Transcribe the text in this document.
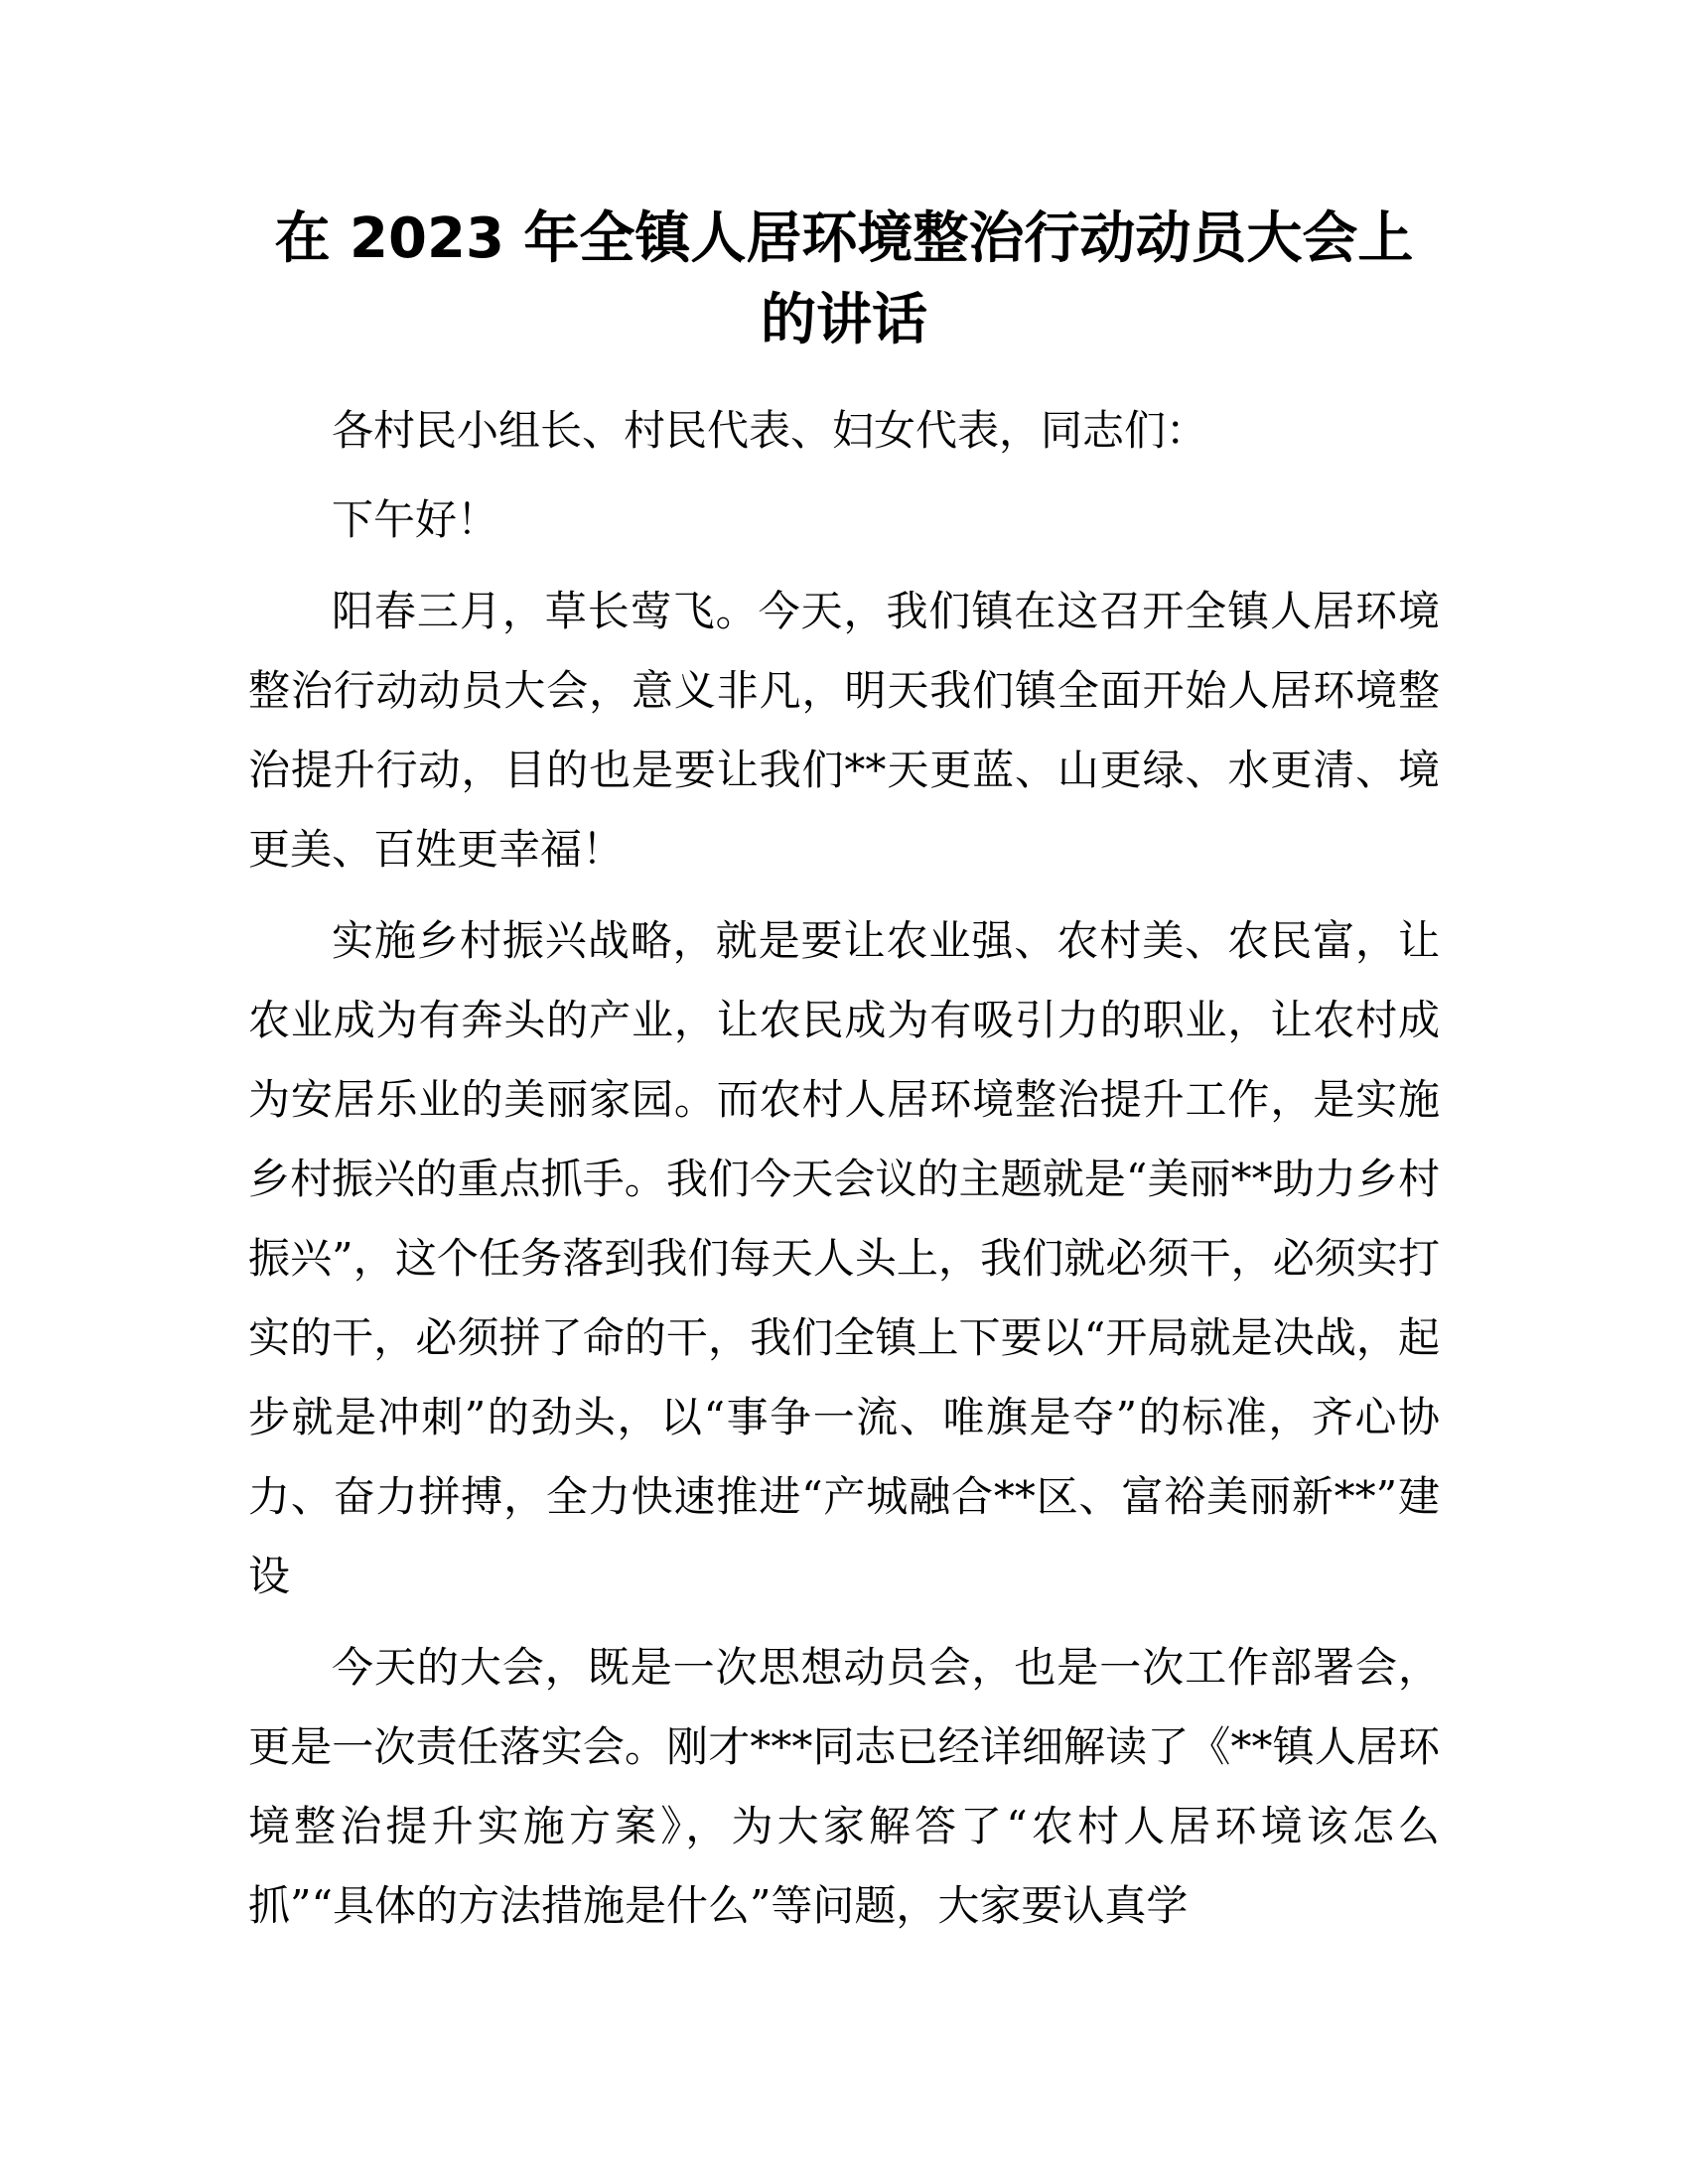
在 2023 年全镇人居环境整治行动动员大会上的讲话

各村民小组长、村民代表、妇女代表，同志们：

下午好！

阳春三月，草长莺飞。今天，我们镇在这召开全镇人居环境整治行动动员大会，意义非凡，明天我们镇全面开始人居环境整治提升行动，目的也是要让我们**天更蓝、山更绿、水更清、境更美、百姓更幸福！

实施乡村振兴战略，就是要让农业强、农村美、农民富，让农业成为有奔头的产业，让农民成为有吸引力的职业，让农村成为安居乐业的美丽家园。而农村人居环境整治提升工作，是实施乡村振兴的重点抓手。我们今天会议的主题就是“美丽**助力乡村振兴”，这个任务落到我们每天人头上，我们就必须干，必须实打实的干，必须拼了命的干，我们全镇上下要以“开局就是决战，起步就是冲刺”的劲头，以“事争一流、唯旗是夺”的标准，齐心协力、奋力拼搏，全力快速推进“产城融合**区、富裕美丽新**”建设

今天的大会，既是一次思想动员会，也是一次工作部署会，更是一次责任落实会。刚才***同志已经详细解读了《**镇人居环境整治提升实施方案》，为大家解答了“农村人居环境该怎么抓”“具体的方法措施是什么”等问题，大家要认真学
